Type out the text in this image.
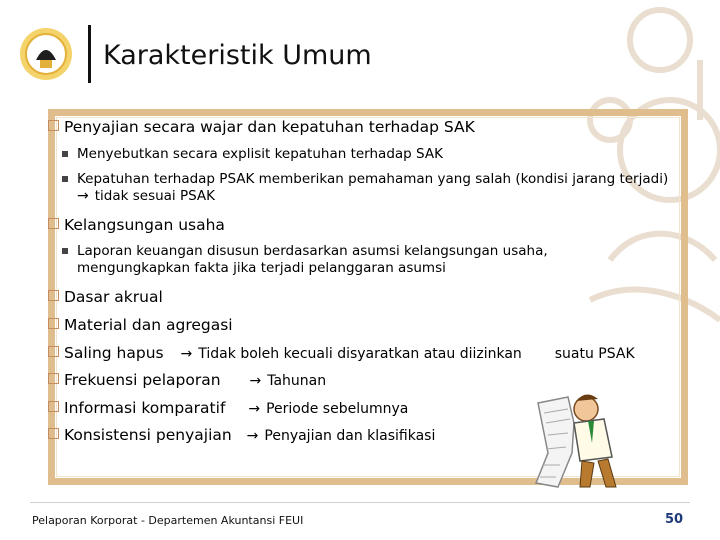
Karakteristik Umum
Penyajian secara wajar dan kepatuhan terhadap SAK
Menyebutkan secara explisit kepatuhan terhadap SAK
Kepatuhan terhadap PSAK memberikan pemahaman yang salah (kondisi jarang terjadi) → tidak sesuai PSAK
Kelangsungan usaha
Laporan keuangan disusun berdasarkan asumsi kelangsungan usaha, mengungkapkan fakta jika terjadi pelanggaran asumsi
Dasar akrual
Material dan agregasi
Saling hapus → Tidak boleh kecuali disyaratkan atau diizinkan suatu PSAK
Frekuensi pelaporan → Tahunan
Informasi komparatif → Periode sebelumnya
Konsistensi penyajian → Penyajian dan klasifikasi
Pelaporan Korporat - Departemen Akuntansi FEUI	50
